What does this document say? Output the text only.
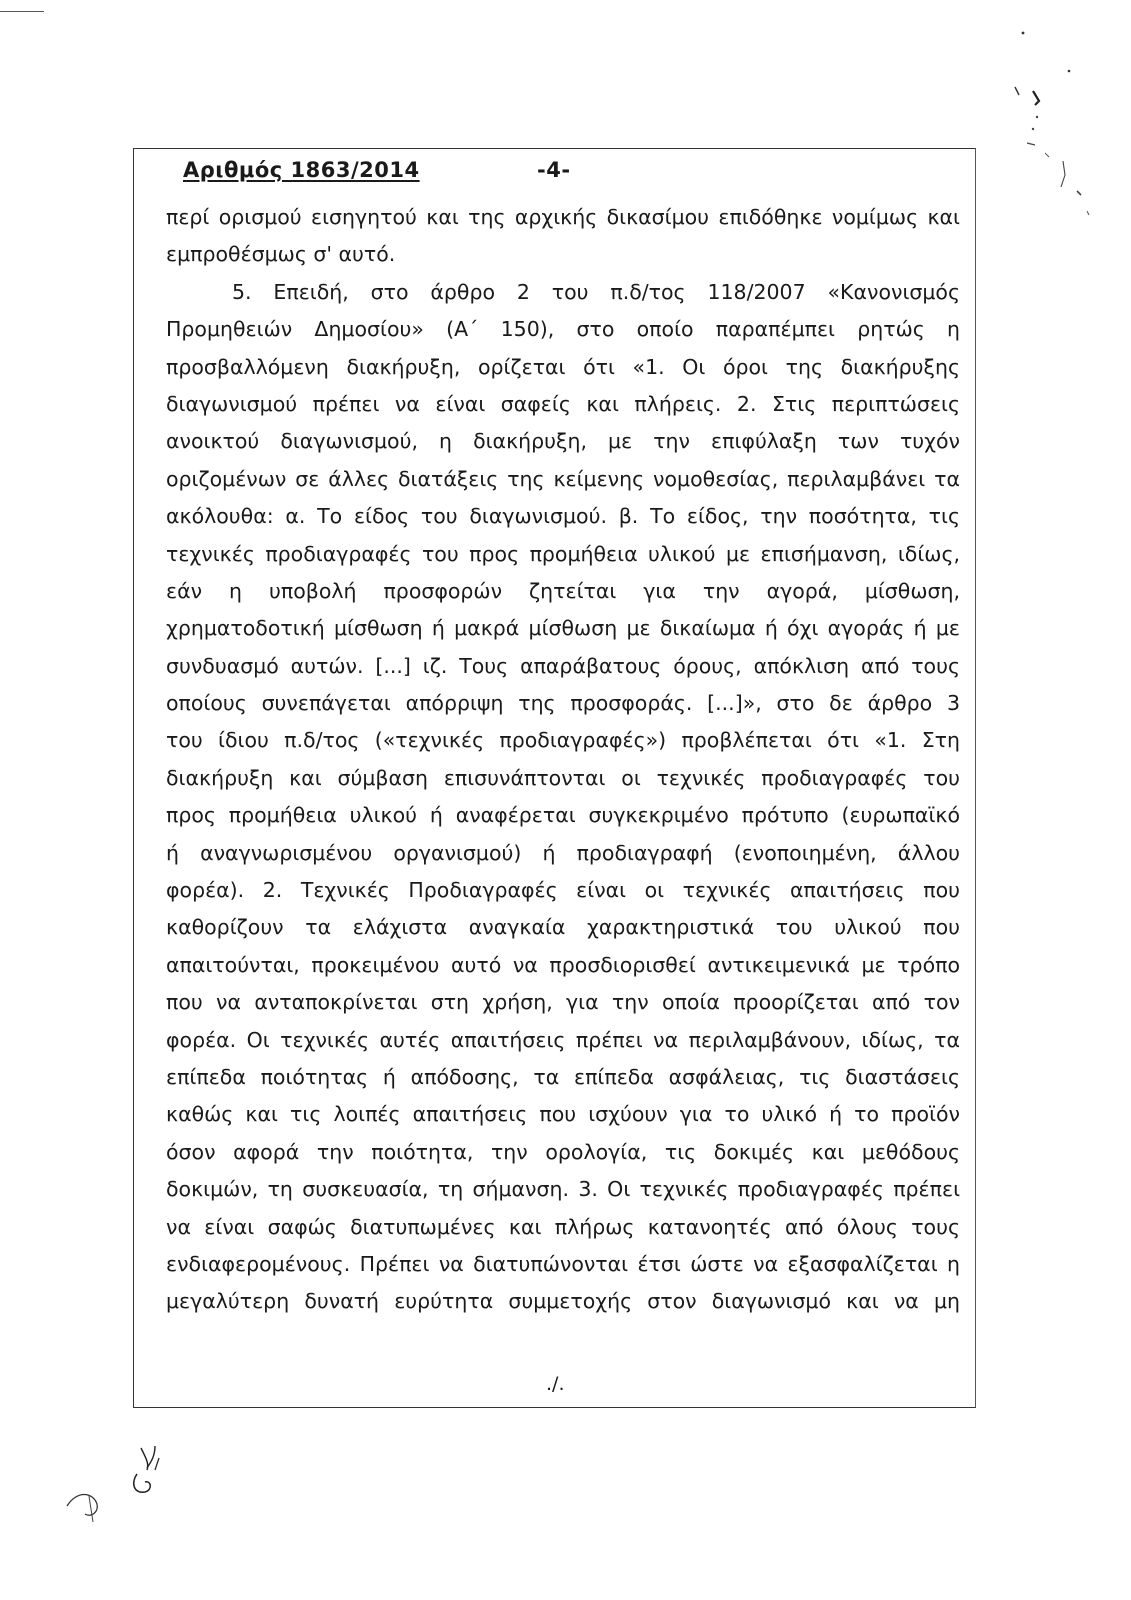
Αριθμός 1863/2014	-4-
περί ορισμού εισηγητού και της αρχικής δικασίμου επιδόθηκε νομίμως και
εμπροθέσμως σ' αυτό.
5. Επειδή, στο άρθρο 2 του π.δ/τος 118/2007 «Κανονισμός
Προμηθειών Δημοσίου» (Α΄ 150), στο οποίο παραπέμπει ρητώς η
προσβαλλόμενη διακήρυξη, ορίζεται ότι «1. Οι όροι της διακήρυξης
διαγωνισμού πρέπει να είναι σαφείς και πλήρεις. 2. Στις περιπτώσεις
ανοικτού διαγωνισμού, η διακήρυξη, με την επιφύλαξη των τυχόν
οριζομένων σε άλλες διατάξεις της κείμενης νομοθεσίας, περιλαμβάνει τα
ακόλουθα: α. Το είδος του διαγωνισμού. β. Το είδος, την ποσότητα, τις
τεχνικές προδιαγραφές του προς προμήθεια υλικού με επισήμανση, ιδίως,
εάν η υποβολή προσφορών ζητείται για την αγορά, μίσθωση,
χρηματοδοτική μίσθωση ή μακρά μίσθωση με δικαίωμα ή όχι αγοράς ή με
συνδυασμό αυτών. [...] ιζ. Τους απαράβατους όρους, απόκλιση από τους
οποίους συνεπάγεται απόρριψη της προσφοράς. [...]», στο δε άρθρο 3
του ίδιου π.δ/τος («τεχνικές προδιαγραφές») προβλέπεται ότι «1. Στη
διακήρυξη και σύμβαση επισυνάπτονται οι τεχνικές προδιαγραφές του
προς προμήθεια υλικού ή αναφέρεται συγκεκριμένο πρότυπο (ευρωπαϊκό
ή αναγνωρισμένου οργανισμού) ή προδιαγραφή (ενοποιημένη, άλλου
φορέα). 2. Τεχνικές Προδιαγραφές είναι οι τεχνικές απαιτήσεις που
καθορίζουν τα ελάχιστα αναγκαία χαρακτηριστικά του υλικού που
απαιτούνται, προκειμένου αυτό να προσδιορισθεί αντικειμενικά με τρόπο
που να ανταποκρίνεται στη χρήση, για την οποία προορίζεται από τον
φορέα. Οι τεχνικές αυτές απαιτήσεις πρέπει να περιλαμβάνουν, ιδίως, τα
επίπεδα ποιότητας ή απόδοσης, τα επίπεδα ασφάλειας, τις διαστάσεις
καθώς και τις λοιπές απαιτήσεις που ισχύουν για το υλικό ή το προϊόν
όσον αφορά την ποιότητα, την ορολογία, τις δοκιμές και μεθόδους
δοκιμών, τη συσκευασία, τη σήμανση. 3. Οι τεχνικές προδιαγραφές πρέπει
να είναι σαφώς διατυπωμένες και πλήρως κατανοητές από όλους τους
ενδιαφερομένους. Πρέπει να διατυπώνονται έτσι ώστε να εξασφαλίζεται η
μεγαλύτερη δυνατή ευρύτητα συμμετοχής στον διαγωνισμό και να μη
./.
